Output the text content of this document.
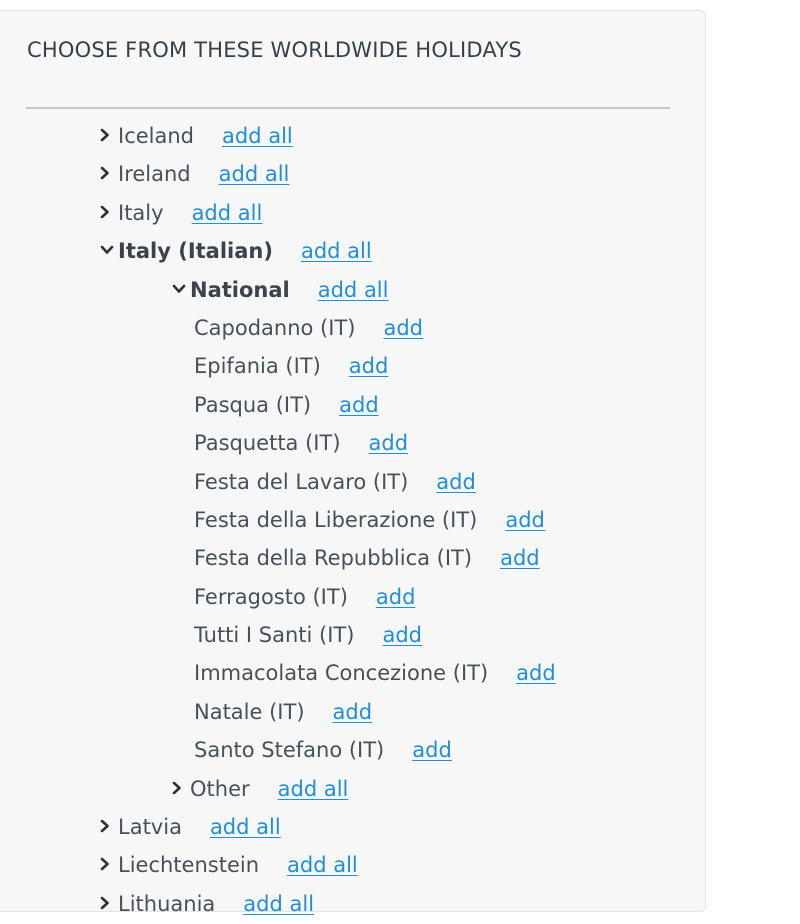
CHOOSE FROM THESE WORLDWIDE HOLIDAYS
Iceland add all
Ireland add all
Italy add all
Italy (Italian) add all
National add all
Capodanno (IT) add
Epifania (IT) add
Pasqua (IT) add
Pasquetta (IT) add
Festa del Lavaro (IT) add
Festa della Liberazione (IT) add
Festa della Repubblica (IT) add
Ferragosto (IT) add
Tutti I Santi (IT) add
Immacolata Concezione (IT) add
Natale (IT) add
Santo Stefano (IT) add
Other add all
Latvia add all
Liechtenstein add all
Lithuania add all
